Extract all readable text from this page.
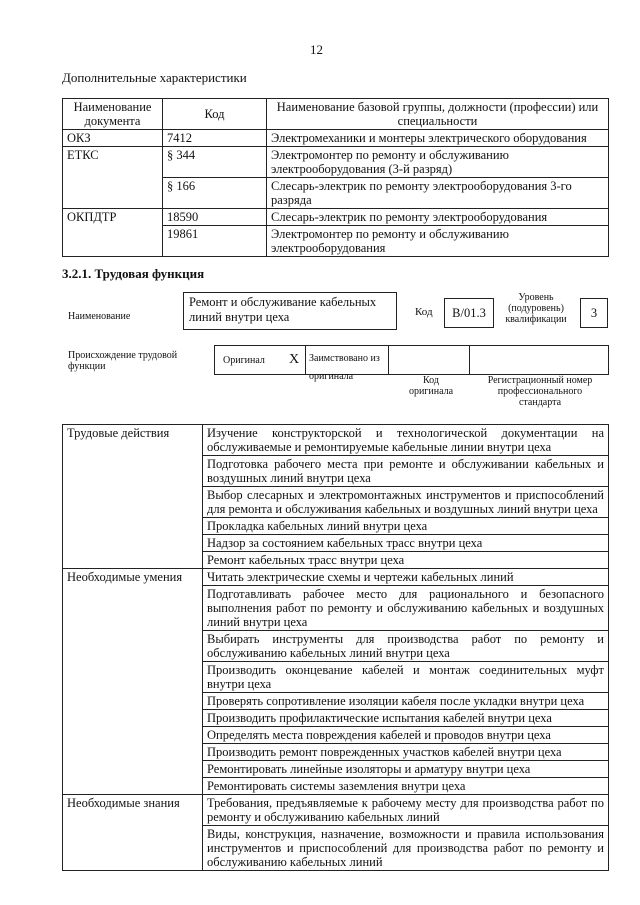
12
Дополнительные характеристики
Наименование документа	Код	Наименование базовой группы, должности (профессии) или специальности
ОКЗ	7412	Электромеханики и монтеры электрического оборудования
ЕТКС	§ 344	Электромонтер по ремонту и обслуживанию электрооборудования (3-й разряд)
	§ 166	Слесарь-электрик по ремонту электрооборудования 3-го разряда
ОКПДТР	18590	Слесарь-электрик по ремонту электрооборудования
	19861	Электромонтер по ремонту и обслуживанию электрооборудования
3.2.1. Трудовая функция
Наименование
Ремонт и обслуживание кабельных линий внутри цеха	Код	В/01.3
Уровень (подуровень) квалификации	3
Происхождение трудовой функции
Оригинал X Заимствовано из оригинала	Код оригинала
Регистрационный номер профессионального стандарта
Трудовые действия	Изучение конструкторской и технологической документации на обслуживаемые и ремонтируемые кабельные линии внутри цеха
	Подготовка рабочего места при ремонте и обслуживании кабельных и воздушных линий внутри цеха
	Выбор слесарных и электромонтажных инструментов и приспособлений для ремонта и обслуживания кабельных и воздушных линий внутри цеха
	Прокладка кабельных линий внутри цеха
	Надзор за состоянием кабельных трасс внутри цеха
	Ремонт кабельных трасс внутри цеха
Необходимые умения	Читать электрические схемы и чертежи кабельных линий
	Подготавливать рабочее место для рационального и безопасного выполнения работ по ремонту и обслуживанию кабельных и воздушных линий внутри цеха
	Выбирать инструменты для производства работ по ремонту и обслуживанию кабельных линий внутри цеха
	Производить оконцевание кабелей и монтаж соединительных муфт внутри цеха
	Проверять сопротивление изоляции кабеля после укладки внутри цеха
	Производить профилактические испытания кабелей внутри цеха
	Определять места повреждения кабелей и проводов внутри цеха
	Производить ремонт поврежденных участков кабелей внутри цеха
	Ремонтировать линейные изоляторы и арматуру внутри цеха
	Ремонтировать системы заземления внутри цеха
Необходимые знания	Требования, предъявляемые к рабочему месту для производства работ по ремонту и обслуживанию кабельных линий
	Виды, конструкция, назначение, возможности и правила использования инструментов и приспособлений для производства работ по ремонту и обслуживанию кабельных линий
